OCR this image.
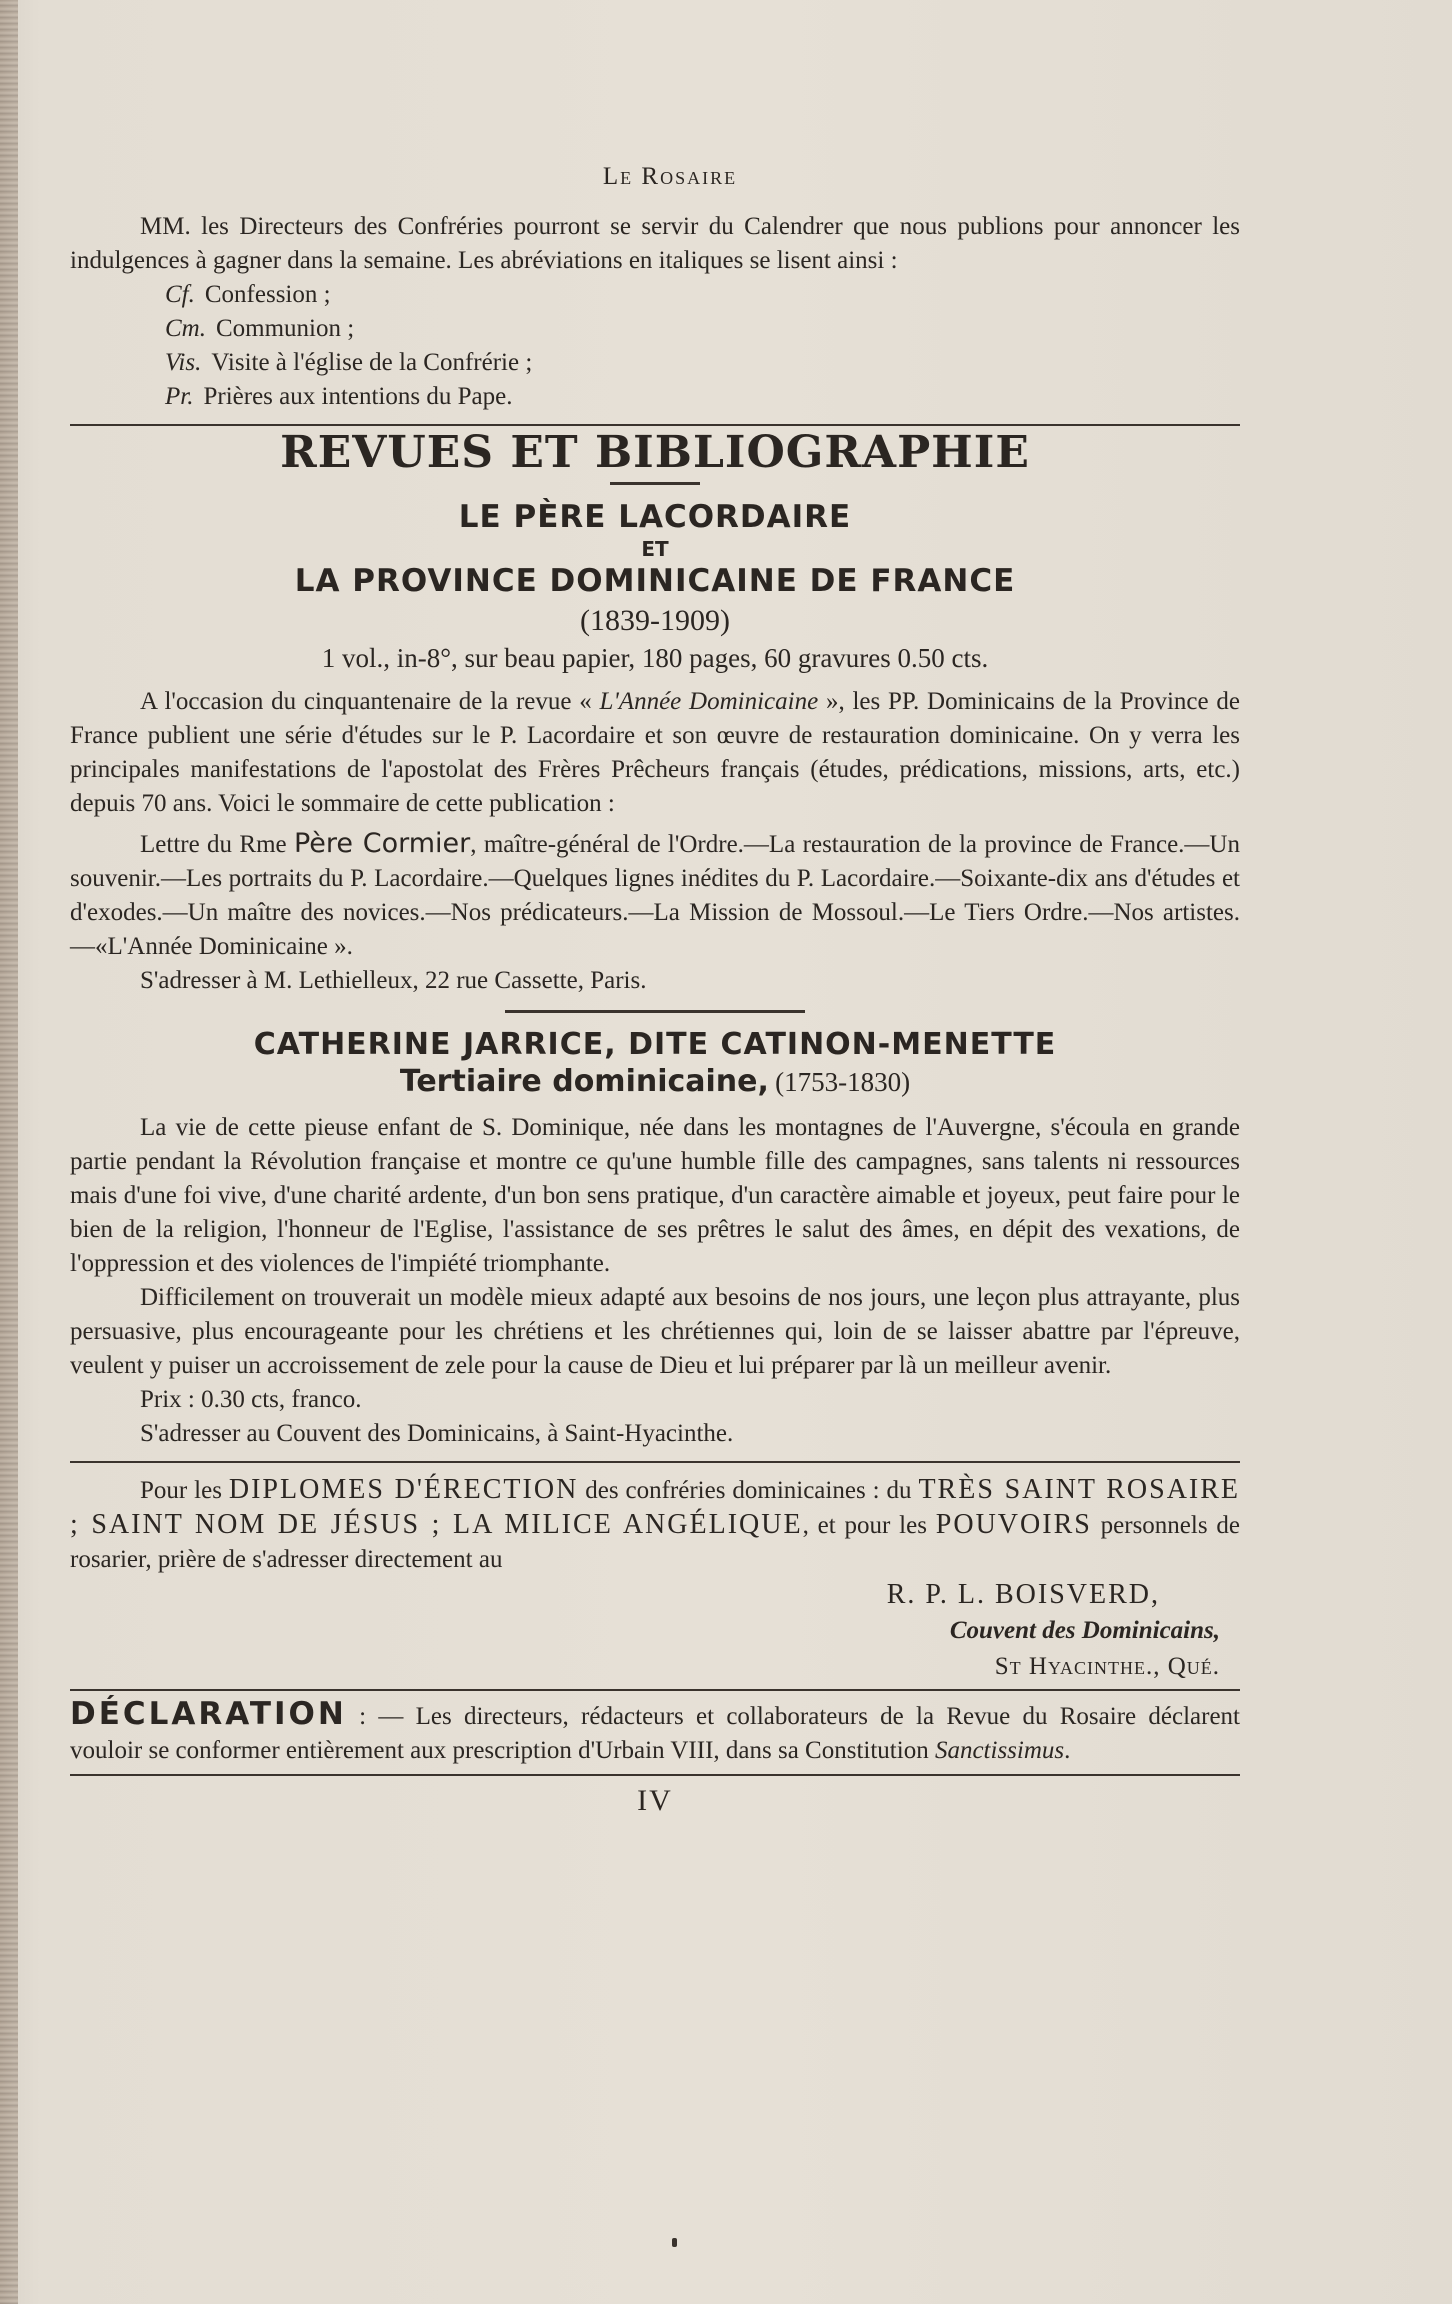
Le Rosaire

MM. les Directeurs des Confréries pourront se servir du Calendrer que nous publions pour annoncer les indulgences à gagner dans la semaine. Les abréviations en italiques se lisent ainsi :

Cf. Confession ;
Cm. Communion ;
Vis. Visite à l'église de la Confrérie ;
Pr. Prières aux intentions du Pape.
REVUES ET BIBLIOGRAPHIE
LE PÈRE LACORDAIRE
ET
LA PROVINCE DOMINICAINE DE FRANCE
(1839-1909)
1 vol., in-8°, sur beau papier, 180 pages, 60 gravures 0.50 cts.

A l'occasion du cinquantenaire de la revue « L'Année Dominicaine », les PP. Dominicains de la Province de France publient une série d'études sur le P. Lacordaire et son œuvre de restauration dominicaine. On y verra les principales manifestations de l'apostolat des Frères Prêcheurs français (études, prédications, missions, arts, etc.) depuis 70 ans. Voici le sommaire de cette publication :

Lettre du Rme Père Cormier, maître-général de l'Ordre.—La restauration de la province de France.—Un souvenir.—Les portraits du P. Lacordaire.—Quelques lignes inédites du P. Lacordaire.—Soixante-dix ans d'études et d'exodes.—Un maître des novices.—Nos prédicateurs.—La Mission de Mossoul.—Le Tiers Ordre.—Nos artistes.—«L'Année Dominicaine ».

S'adresser à M. Lethielleux, 22 rue Cassette, Paris.

CATHERINE JARRICE, DITE CATINON-MENETTE
Tertiaire dominicaine, (1753-1830)

La vie de cette pieuse enfant de S. Dominique, née dans les montagnes de l'Auvergne, s'écoula en grande partie pendant la Révolution française et montre ce qu'une humble fille des campagnes, sans talents ni ressources mais d'une foi vive, d'une charité ardente, d'un bon sens pratique, d'un caractère aimable et joyeux, peut faire pour le bien de la religion, l'honneur de l'Eglise, l'assistance de ses prêtres le salut des âmes, en dépit des vexations, de l'oppression et des violences de l'impiété triomphante.

Difficilement on trouverait un modèle mieux adapté aux besoins de nos jours, une leçon plus attrayante, plus persuasive, plus encourageante pour les chrétiens et les chrétiennes qui, loin de se laisser abattre par l'épreuve, veulent y puiser un accroissement de zele pour la cause de Dieu et lui préparer par là un meilleur avenir.

Prix : 0.30 cts, franco.

S'adresser au Couvent des Dominicains, à Saint-Hyacinthe.

Pour les DIPLOMES D'ÉRECTION des confréries dominicaines : du TRÈS SAINT ROSAIRE ; SAINT NOM DE JÉSUS ; LA MILICE ANGÉLIQUE, et pour les POUVOIRS personnels de rosarier, prière de s'adresser directement au

R. P. L. BOISVERD,
Couvent des Dominicains,
St Hyacinthe., Qué.

DÉCLARATION : — Les directeurs, rédacteurs et collaborateurs de la Revue du Rosaire déclarent vouloir se conformer entièrement aux prescription d'Urbain VIII, dans sa Constitution Sanctissimus.

IV
